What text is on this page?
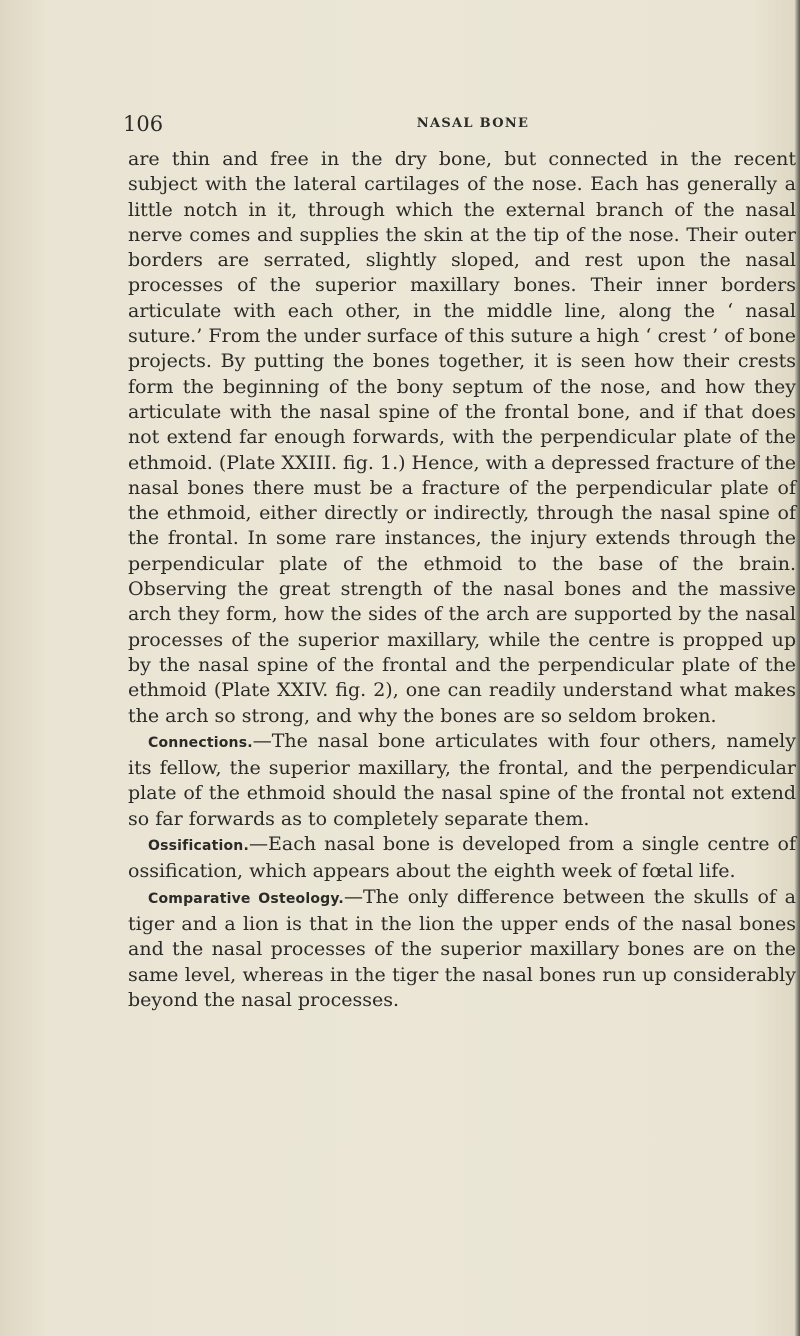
106	NASAL BONE

are thin and free in the dry bone, but connected in the recent subject with the lateral cartilages of the nose. Each has generally a little notch in it, through which the external branch of the nasal nerve comes and supplies the skin at the tip of the nose. Their outer borders are serrated, slightly sloped, and rest upon the nasal processes of the superior maxillary bones. Their inner borders articulate with each other, in the middle line, along the ‘ nasal suture.’ From the under surface of this suture a high ‘ crest ’ of bone projects. By putting the bones together, it is seen how their crests form the beginning of the bony septum of the nose, and how they articulate with the nasal spine of the frontal bone, and if that does not extend far enough forwards, with the perpendicular plate of the ethmoid. (Plate XXIII. fig. 1.) Hence, with a depressed fracture of the nasal bones there must be a fracture of the perpendicular plate of the ethmoid, either directly or indirectly, through the nasal spine of the frontal. In some rare instances, the injury extends through the perpendicular plate of the ethmoid to the base of the brain. Observing the great strength of the nasal bones and the massive arch they form, how the sides of the arch are supported by the nasal processes of the superior maxillary, while the centre is propped up by the nasal spine of the frontal and the perpendicular plate of the ethmoid (Plate XXIV. fig. 2), one can readily understand what makes the arch so strong, and why the bones are so seldom broken.

Connections.—The nasal bone articulates with four others, namely its fellow, the superior maxillary, the frontal, and the perpendicular plate of the ethmoid should the nasal spine of the frontal not extend so far forwards as to completely separate them.

Ossification.—Each nasal bone is developed from a single centre of ossification, which appears about the eighth week of fœtal life.

Comparative Osteology.—The only difference between the skulls of a tiger and a lion is that in the lion the upper ends of the nasal bones and the nasal processes of the superior maxillary bones are on the same level, whereas in the tiger the nasal bones run up considerably beyond the nasal processes.
